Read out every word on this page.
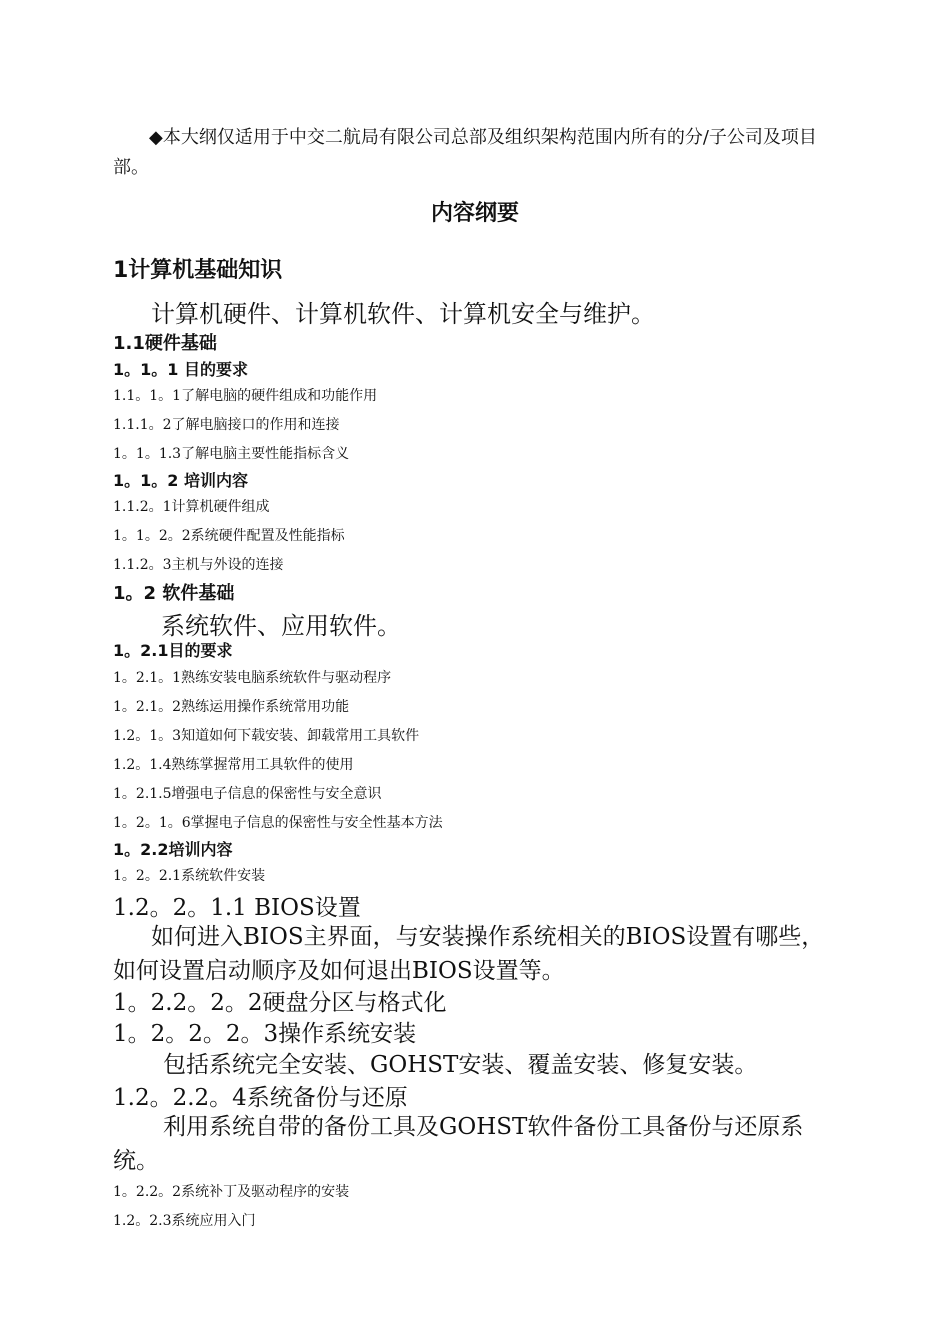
◆本大纲仅适用于中交二航局有限公司总部及组织架构范围内所有的分/子公司及项目部。

内容纲要

1计算机基础知识

计算机硬件、计算机软件、计算机安全与维护。

1.1硬件基础

1。1。1 目的要求

1.1。1。1了解电脑的硬件组成和功能作用

1.1.1。2了解电脑接口的作用和连接

1。1。1.3了解电脑主要性能指标含义

1。1。2 培训内容

1.1.2。1计算机硬件组成

1。1。2。2系统硬件配置及性能指标

1.1.2。3主机与外设的连接

1。2 软件基础

系统软件、应用软件。

1。2.1目的要求

1。2.1。1熟练安装电脑系统软件与驱动程序

1。2.1。2熟练运用操作系统常用功能

1.2。1。3知道如何下载安装、卸载常用工具软件

1.2。1.4熟练掌握常用工具软件的使用

1。2.1.5增强电子信息的保密性与安全意识

1。2。1。6掌握电子信息的保密性与安全性基本方法

1。2.2培训内容

1。2。2.1系统软件安装

1.2。2。1.1 BIOS设置

如何进入BIOS主界面，与安装操作系统相关的BIOS设置有哪些，如何设置启动顺序及如何退出BIOS设置等。

1。2.2。2。2硬盘分区与格式化

1。2。2。2。3操作系统安装

包括系统完全安装、GOHST安装、覆盖安装、修复安装。

1.2。2.2。4系统备份与还原

利用系统自带的备份工具及GOHST软件备份工具备份与还原系统。

1。2.2。2系统补丁及驱动程序的安装

1.2。2.3系统应用入门
